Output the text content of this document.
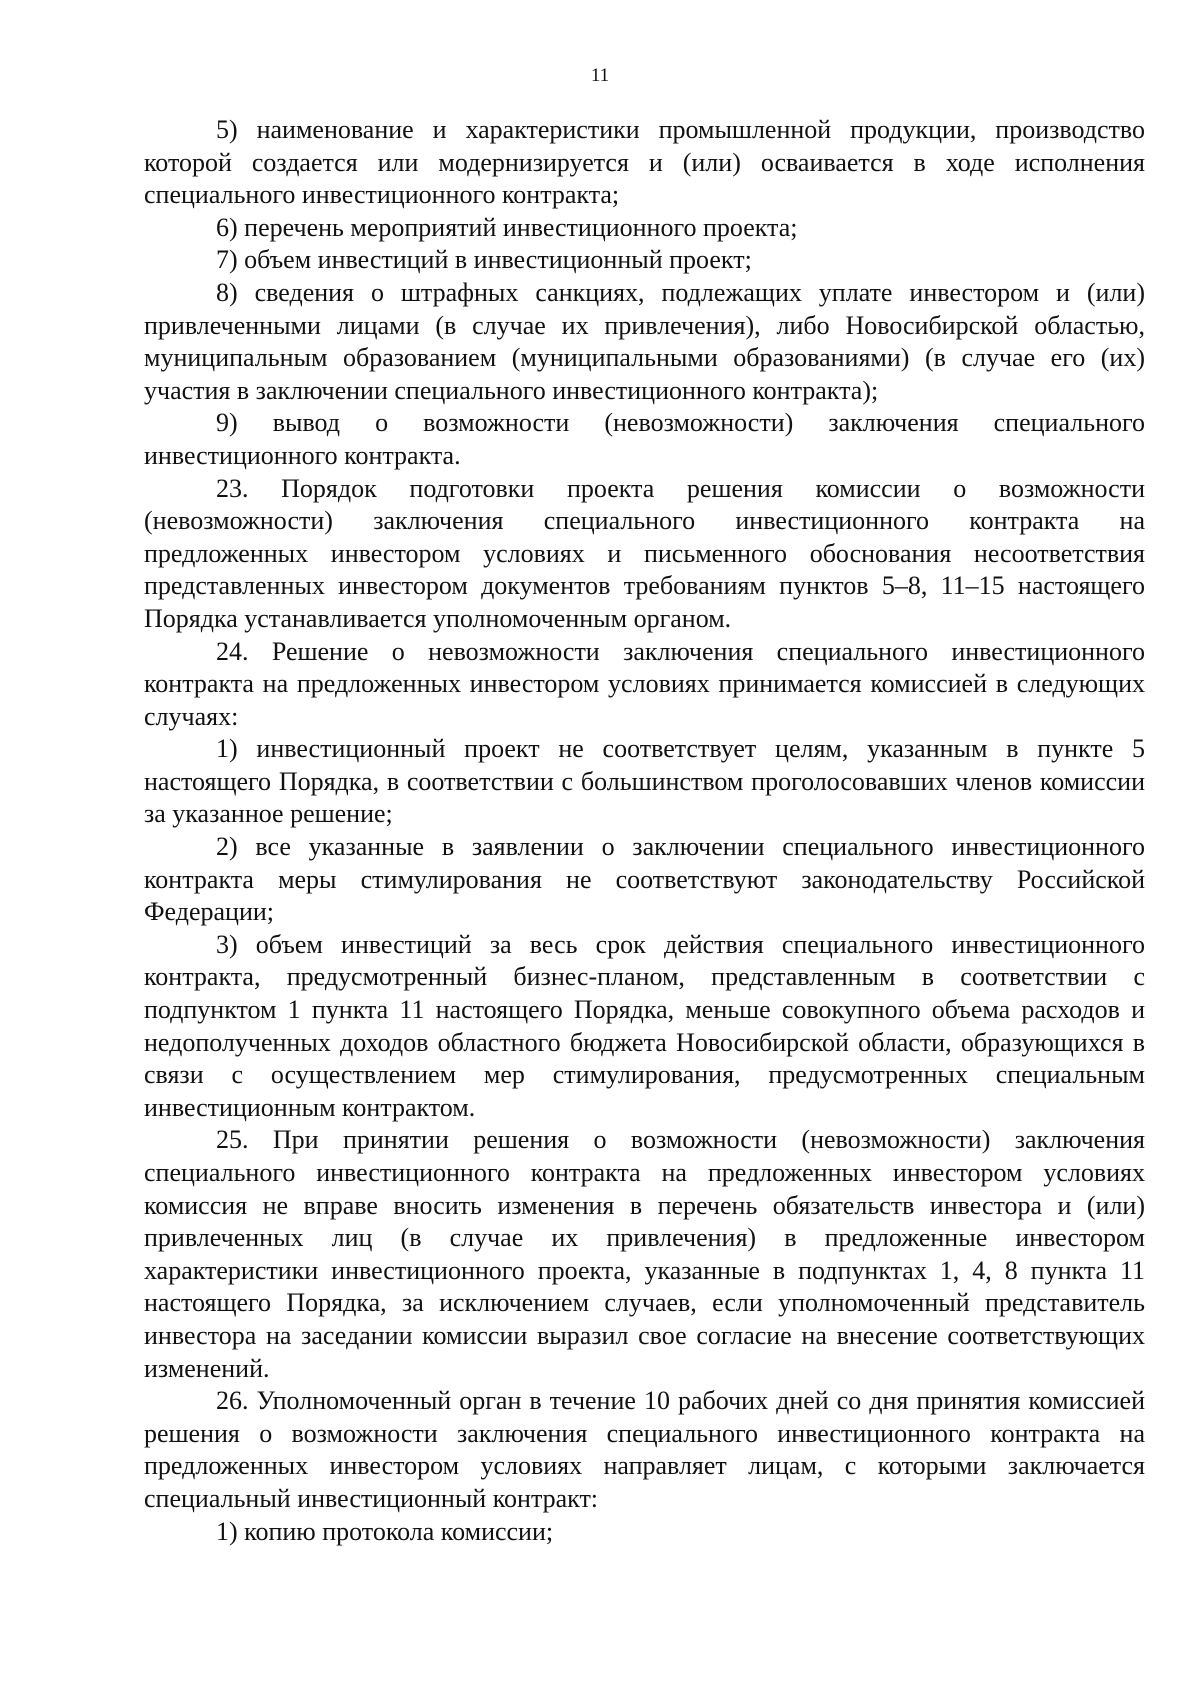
11

5) наименование и характеристики промышленной продукции, производство которой создается или модернизируется и (или) осваивается в ходе исполнения специального инвестиционного контракта;

6) перечень мероприятий инвестиционного проекта;

7) объем инвестиций в инвестиционный проект;

8) сведения о штрафных санкциях, подлежащих уплате инвестором и (или) привлеченными лицами (в случае их привлечения), либо Новосибирской областью, муниципальным образованием (муниципальными образованиями) (в случае его (их) участия в заключении специального инвестиционного контракта);

9) вывод о возможности (невозможности) заключения специального инвестиционного контракта.

23. Порядок подготовки проекта решения комиссии о возможности (невозможности) заключения специального инвестиционного контракта на предложенных инвестором условиях и письменного обоснования несоответствия представленных инвестором документов требованиям пунктов 5–8, 11–15 настоящего Порядка устанавливается уполномоченным органом.

24. Решение о невозможности заключения специального инвестиционного контракта на предложенных инвестором условиях принимается комиссией в следующих случаях:

1) инвестиционный проект не соответствует целям, указанным в пункте 5 настоящего Порядка, в соответствии с большинством проголосовавших членов комиссии за указанное решение;

2) все указанные в заявлении о заключении специального инвестиционного контракта меры стимулирования не соответствуют законодательству Российской Федерации;

3) объем инвестиций за весь срок действия специального инвестиционного контракта, предусмотренный бизнес-планом, представленным в соответствии с подпунктом 1 пункта 11 настоящего Порядка, меньше совокупного объема расходов и недополученных доходов областного бюджета Новосибирской области, образующихся в связи с осуществлением мер стимулирования, предусмотренных специальным инвестиционным контрактом.

25. При принятии решения о возможности (невозможности) заключения специального инвестиционного контракта на предложенных инвестором условиях комиссия не вправе вносить изменения в перечень обязательств инвестора и (или) привлеченных лиц (в случае их привлечения) в предложенные инвестором характеристики инвестиционного проекта, указанные в подпунктах 1, 4, 8 пункта 11 настоящего Порядка, за исключением случаев, если уполномоченный представитель инвестора на заседании комиссии выразил свое согласие на внесение соответствующих изменений.

26. Уполномоченный орган в течение 10 рабочих дней со дня принятия комиссией решения о возможности заключения специального инвестиционного контракта на предложенных инвестором условиях направляет лицам, с которыми заключается специальный инвестиционный контракт:

1) копию протокола комиссии;
